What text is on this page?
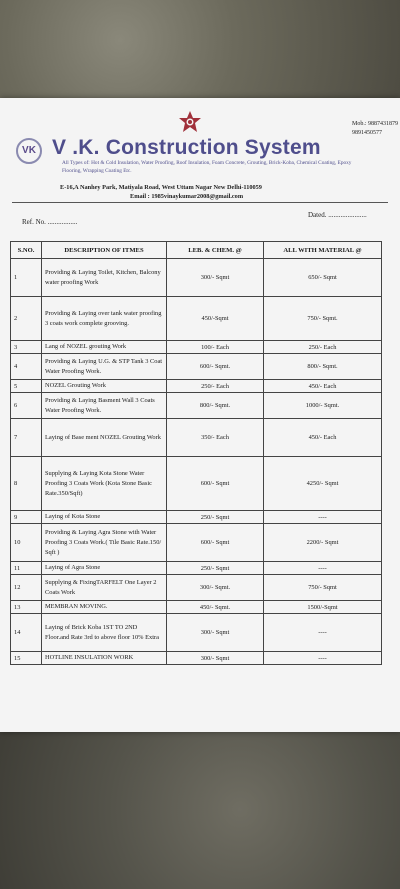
Mob.: 9887431879
9891450577
VK V .K. Construction System
All Types of: Hot & Cold Insulation, Water Proofing, Roof Insulation, Foam Concrete, Grouting, Brick-Koba, Chemical Coating, Epoxy Flooring, Wrapping Coating Etc.
E-16,A Nanhey Park, Matiyala Road, West Uttam Nagar New Delhi-110059
Email : 1985vinaykumar2008@gmail.com
Dated. ......................
Ref. No. .................
S.NO.	DESCRIPTION OF ITMES	LEB. & CHEM. @	ALL WITH MATERIAL @
1	Providing & Laying Toilet, Kitchen, Balcony water proofing Work	300/- Sqmt	650/- Sqmt
2	Providing & Laying over tank water proofing 3 coats work complete grooving.	450/-Sqmt	750/- Sqmt.
3	Lang of NOZEL grouting Work	100/- Each	250/- Each
4	Providing & Laying U.G. & STP Tank 3 Coat Water Proofing Work.	600/- Sqmt.	800/- Sqmt.
5	NOZEL Grouting Work	250/- Each	450/- Each
6	Providing & Laying Basment Wall 3 Coats Water Proofing Work.	800/- Sqmt.	1000/- Sqmt.
7	Laying of Base ment NOZEL Grouting Work	350/- Each	450/- Each
8	Supplying & Laying Kota Stone Water Proofing 3 Coats Work (Kota Stone Basic Rate.350/Sqft)	600/- Sqmt	4250/- Sqmt
9	Laying of Kota Stone	250/- Sqmt	----
10	Providing & Laying Agra Stone with Water Proofing 3 Coats Work.( Tile Basic Rate.150/ Sqft )	600/- Sqmt	2200/- Sqmt
11	Laying of Agra Stone	250/- Sqmt	----
12	Supplying & FixingTARFELT One Layer 2 Coats Work	300/- Sqmt.	750/- Sqmt
13	MEMBRAN MOVING.	450/- Sqmt.	1500/-Sqmt
14	Laying of Brick Koba 1ST TO 2ND Floor.and Rate 3rd to above floor 10% Extra	300/- Sqmt	----
15	HOTLINE INSULATION WORK	300/- Sqmt	----
